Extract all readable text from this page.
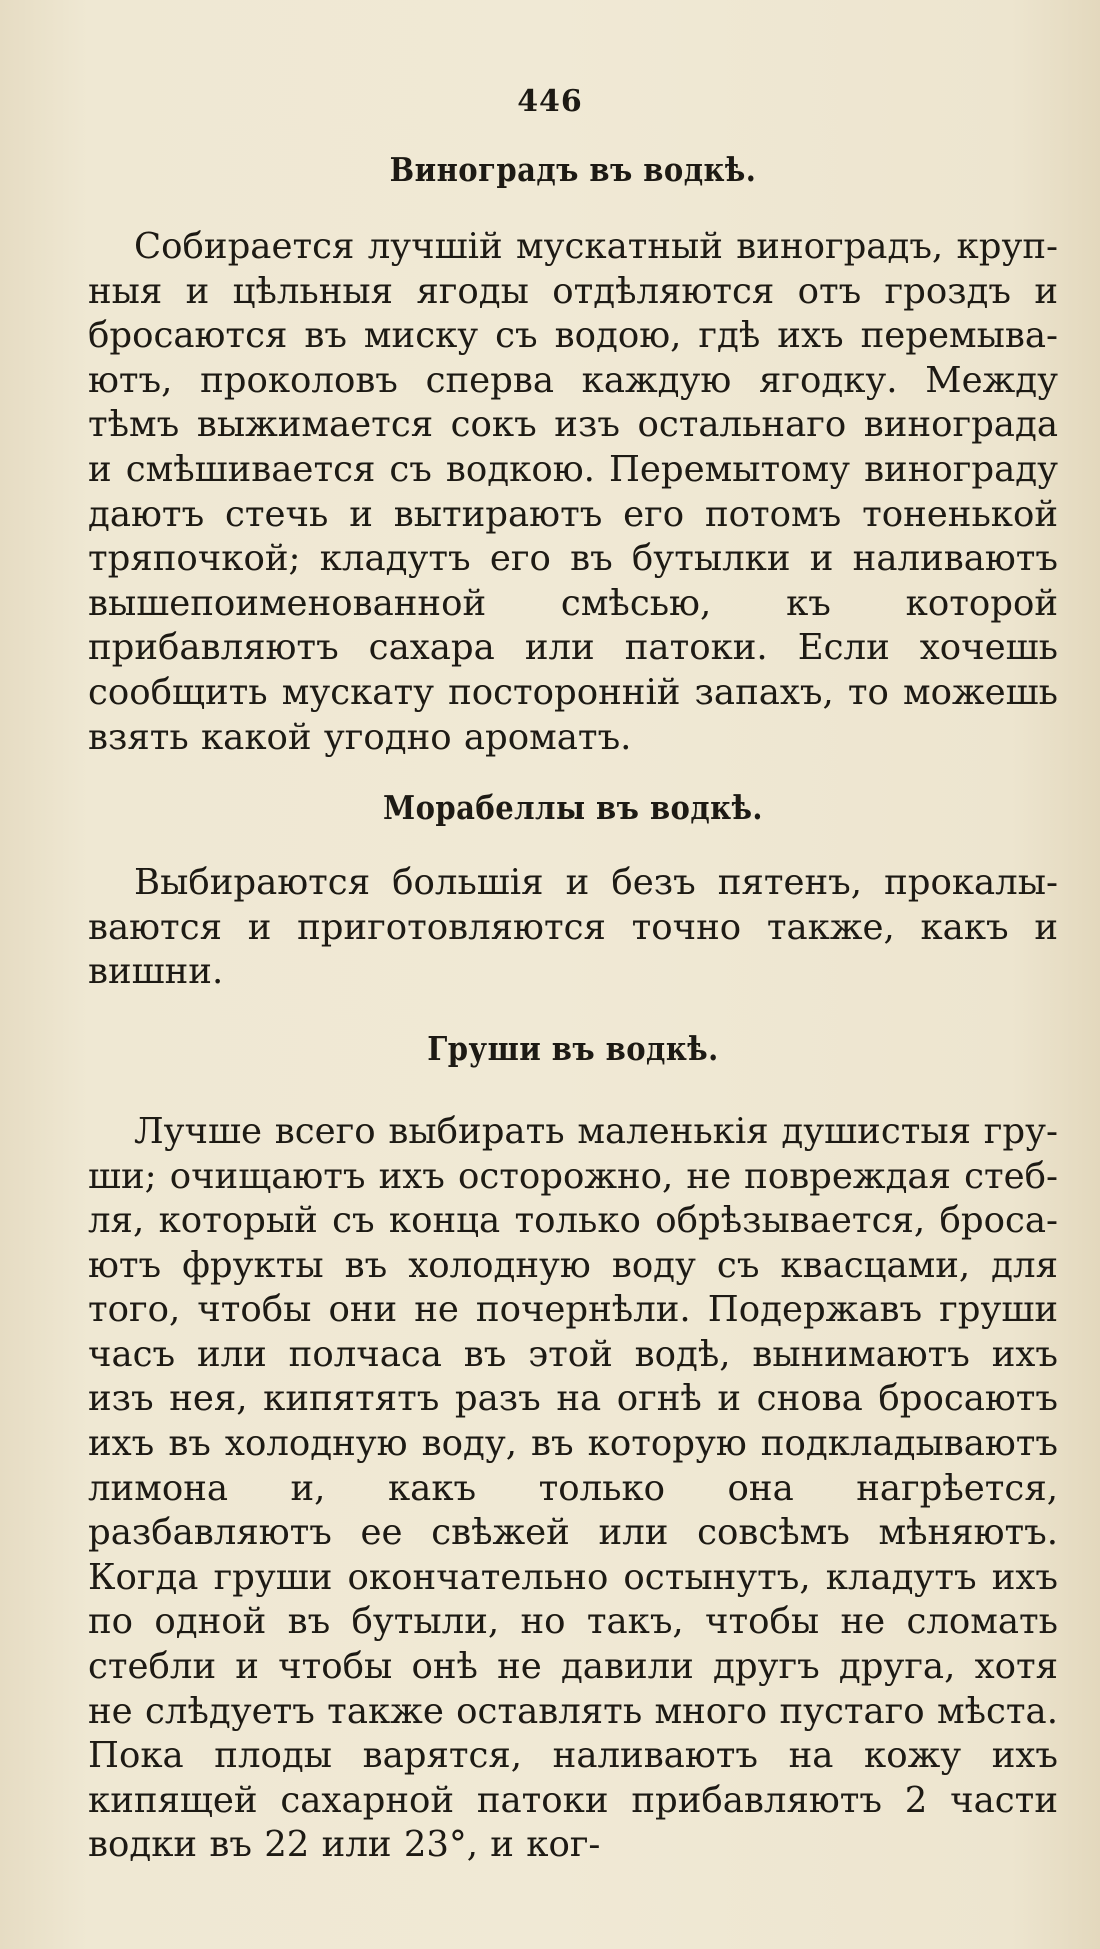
446
Виноградъ въ водкѣ.

Собирается лучшій мускатный виноградъ, крупныя и цѣльныя ягоды отдѣляются отъ гроздъ и бросаются въ миску съ водою, гдѣ ихъ перемываютъ, проколовъ сперва каждую ягодку. Между тѣмъ выжимается сокъ изъ остальнаго винограда и смѣшивается съ водкою. Перемытому винограду даютъ стечь и вытираютъ его потомъ тоненькой тряпочкой; кладутъ его въ бутылки и наливаютъ вышепоименованной смѣсью, къ которой прибавляютъ сахара или патоки. Если хочешь сообщить мускату посторонній запахъ, то можешь взять какой угодно ароматъ.

Морабеллы въ водкѣ.

Выбираются большія и безъ пятенъ, прокалываются и приготовляются точно также, какъ и вишни.

Груши въ водкѣ.

Лучше всего выбирать маленькія душистыя груши; очищаютъ ихъ осторожно, не повреждая стебля, который съ конца только обрѣзывается, бросаютъ фрукты въ холодную воду съ квасцами, для того, чтобы они не почернѣли. Подержавъ груши часъ или полчаса въ этой водѣ, вынимаютъ ихъ изъ нея, кипятятъ разъ на огнѣ и снова бросаютъ ихъ въ холодную воду, въ которую подкладываютъ лимона и, какъ только она нагрѣется, разбавляютъ ее свѣжей или совсѣмъ мѣняютъ. Когда груши окончательно остынутъ, кладутъ ихъ по одной въ бутыли, но такъ, чтобы не сломать стебли и чтобы онѣ не давили другъ друга, хотя не слѣдуетъ также оставлять много пустаго мѣста. Пока плоды варятся, наливаютъ на кожу ихъ кипящей сахарной патоки прибавляютъ 2 части водки въ 22 или 23°, и ког-
